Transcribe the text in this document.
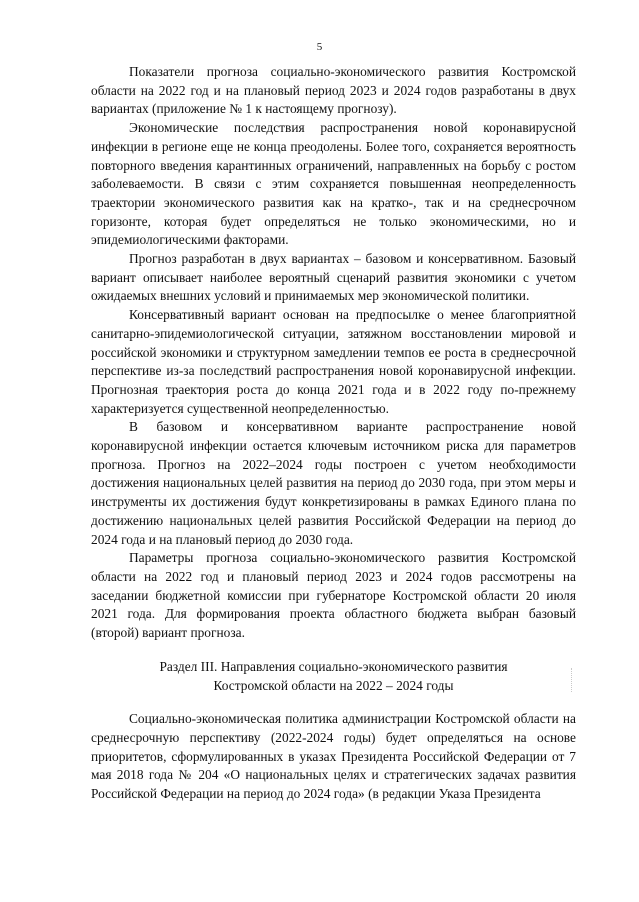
5

Показатели прогноза социально-экономического развития Костромской области на 2022 год и на плановый период 2023 и 2024 годов разработаны в двух вариантах (приложение № 1 к настоящему прогнозу).

Экономические последствия распространения новой коронавирусной инфекции в регионе еще не конца преодолены. Более того, сохраняется вероятность повторного введения карантинных ограничений, направленных на борьбу с ростом заболеваемости. В связи с этим сохраняется повышенная неопределенность траектории экономического развития как на кратко-, так и на среднесрочном горизонте, которая будет определяться не только экономическими, но и эпидемиологическими факторами.

Прогноз разработан в двух вариантах – базовом и консервативном. Базовый вариант описывает наиболее вероятный сценарий развития экономики с учетом ожидаемых внешних условий и принимаемых мер экономической политики.

Консервативный вариант основан на предпосылке о менее благоприятной санитарно-эпидемиологической ситуации, затяжном восстановлении мировой и российской экономики и структурном замедлении темпов ее роста в среднесрочной перспективе из-за последствий распространения новой коронавирусной инфекции. Прогнозная траектория роста до конца 2021 года и в 2022 году по-прежнему характеризуется существенной неопределенностью.

В базовом и консервативном варианте распространение новой коронавирусной инфекции остается ключевым источником риска для параметров прогноза. Прогноз на 2022–2024 годы построен с учетом необходимости достижения национальных целей развития на период до 2030 года, при этом меры и инструменты их достижения будут конкретизированы в рамках Единого плана по достижению национальных целей развития Российской Федерации на период до 2024 года и на плановый период до 2030 года.

Параметры прогноза социально-экономического развития Костромской области на 2022 год и плановый период 2023 и 2024 годов рассмотрены на заседании бюджетной комиссии при губернаторе Костромской области 20 июля 2021 года. Для формирования проекта областного бюджета выбран базовый (второй) вариант прогноза.

Раздел III. Направления социально-экономического развития
Костромской области на 2022 – 2024 годы

Социально-экономическая политика администрации Костромской области на среднесрочную перспективу (2022-2024 годы) будет определяться на основе приоритетов, сформулированных в указах Президента Российской Федерации от 7 мая 2018 года № 204 «О национальных целях и стратегических задачах развития Российской Федерации на период до 2024 года» (в редакции Указа Президента
